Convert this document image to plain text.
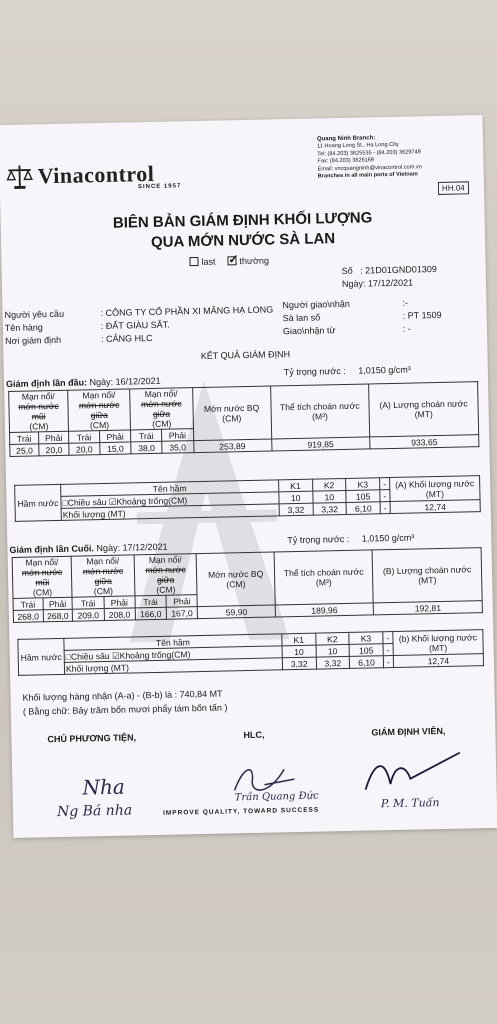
Vinacontrol
SINCE 1957
Quang Ninh Branch:
11 Hoang Long St., Ha Long City
Tel: (84.203) 3625535 - (84.203) 3629749
Fax: (84.203) 3826169
Email: vncquangninh@vinacontrol.com.vn
Branches in all main ports of Vietnam
HH.04
BIÊN BẢN GIÁM ĐỊNH KHỐI LƯỢNG
QUA MỚN NƯỚC SÀ LAN
last ✓	thường
Số : 21D01GND01309
Ngày: 17/12/2021
Người yêu cầu	: CÔNG TY CỔ PHẦN XI MĂNG HẠ LONG
Tên hàng	: ĐẤT GIÀU SẮT.
Nơi giám định	: CẢNG HLC
Người giao\nhận	:-
Sà lan số	: PT 1509
Giao\nhận từ	: -
KẾT QUẢ GIÁM ĐỊNH
Giám định lần đầu: Ngày: 16/12/2021
Tỷ trọng nước : 1,0150 g/cm³
Mạn nổi/
mớn nước mũi
(CM)		Mạn nổi/
mớn nước giữa
(CM)		Mạn nổi/
mớn nước giữa
(CM)		Mớn nước BQ (CM)	Thể tích choán nước (M³)	(A) Lượng choán nước (MT)
Trái	Phải	Trái	Phải	Trái	Phải			
25,0	20,0	20,0	15,0	38,0	35,0	253,89	919,85	933,65
Hầm nước	Tên hầm	K1	K2	K3	-	(A) Khối lượng nước (MT)
	□Chiều sâu ☑Khoảng trống(CM)	10	10	105	-	
	Khối lượng (MT)	3,32	3,32	6,10	-	12,74
Giám định lần Cuối. Ngày: 17/12/2021
Tỷ trọng nước : 1,0150 g/cm³
Mạn nổi/
mớn nước mũi
(CM)		Mạn nổi/
mớn nước giữa
(CM)		Mạn nổi/
mớn nước giữa
(CM)		Mớn nước BQ (CM)	Thể tích choán nước (M³)	(B) Lượng choán nước (MT)
Trái	Phải	Trái	Phải	Trái	Phải			
268,0	268,0	209,0	208,0	166,0	167,0	59,90	189,96	192,81
Hầm nước	Tên hầm	K1	K2	K3	-	(b) Khối lượng nước (MT)
	□Chiều sâu ☑Khoảng trống(CM)	10	10	105	-	
	Khối lượng (MT)	3,32	3,32	6,10	-	12,74
Khối lượng hàng nhận (A-a) - (B-b) là : 740,84 MT
( Bằng chữ: Bảy trăm bốn mươi phẩy tám bốn tấn )
CHỦ PHƯƠNG TIỆN,	HLC,	GIÁM ĐỊNH VIÊN,
Nha
Ng Bá nha
Trần Quang Đức	P. M. Tuấn
IMPROVE QUALITY, TOWARD SUCCESS
